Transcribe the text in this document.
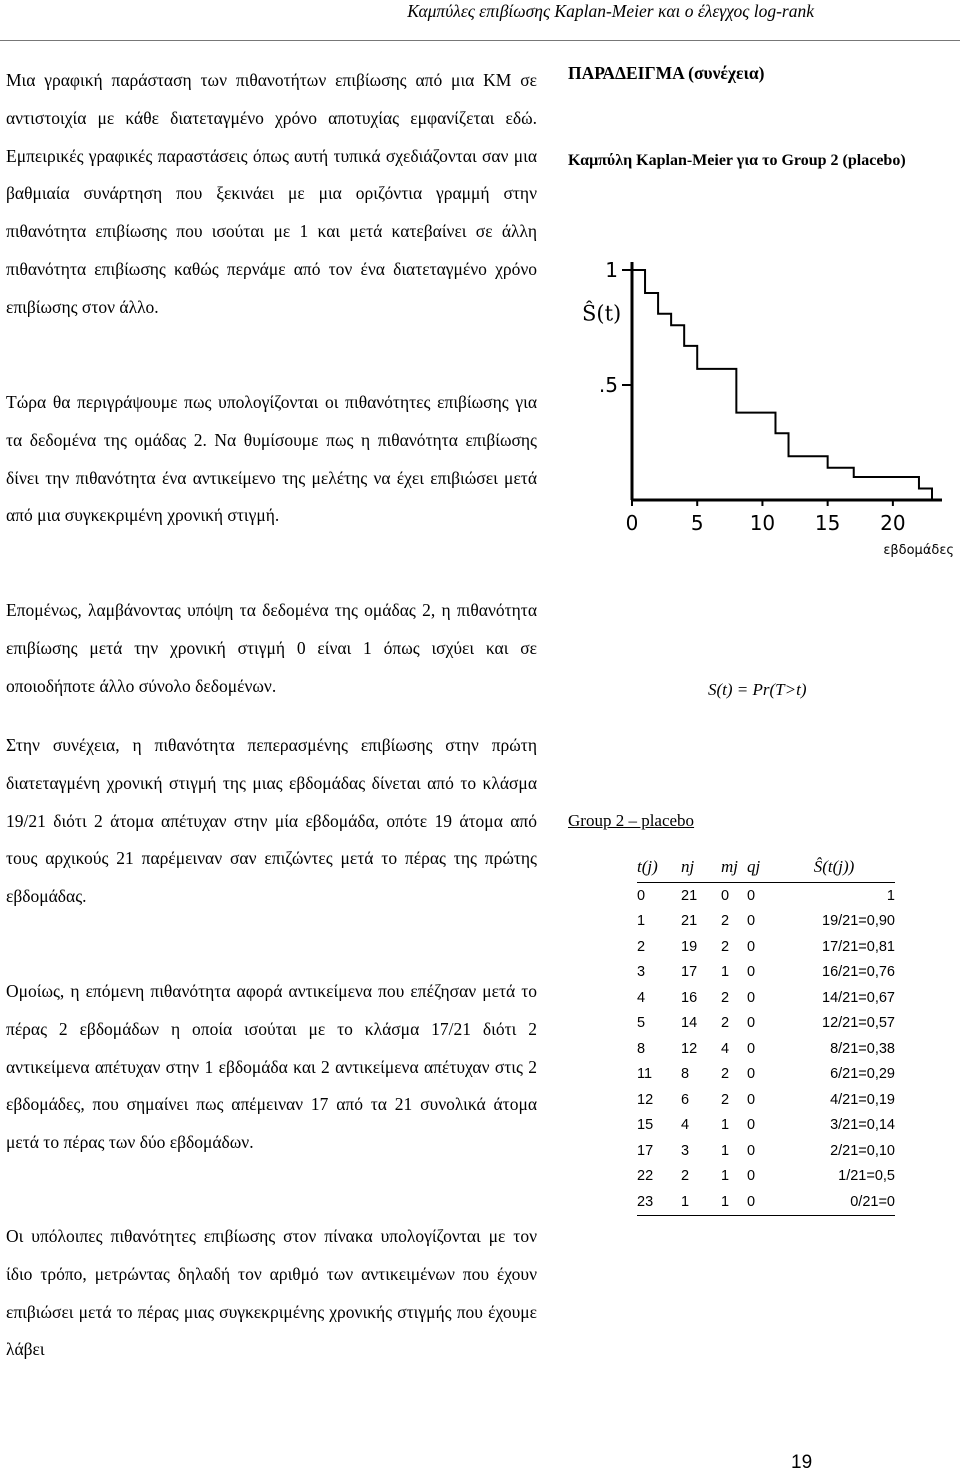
Καμπύλες επιβίωσης Kaplan-Meier και ο έλεγχος log-rank

Μια γραφική παράσταση των πιθανοτήτων επιβίωσης από μια ΚΜ σε αντιστοιχία με κάθε διατεταγμένο χρόνο αποτυχίας εμφανίζεται εδώ. Εμπειρικές γραφικές παραστάσεις όπως αυτή τυπικά σχεδιάζονται σαν μια βαθμιαία συνάρτηση που ξεκινάει με μια οριζόντια γραμμή στην πιθανότητα επιβίωσης που ισούται με 1 και μετά κατεβαίνει σε άλλη πιθανότητα επιβίωσης καθώς περνάμε από τον ένα διατεταγμένο χρόνο επιβίωσης στον άλλο.

Τώρα θα περιγράψουμε πως υπολογίζονται οι πιθανότητες επιβίωσης για τα δεδομένα της ομάδας 2. Να θυμίσουμε πως η πιθανότητα επιβίωσης δίνει την πιθανότητα ένα αντικείμενο της μελέτης να έχει επιβιώσει μετά από μια συγκεκριμένη χρονική στιγμή.

Επομένως, λαμβάνοντας υπόψη τα δεδομένα της ομάδας 2, η πιθανότητα επιβίωσης μετά την χρονική στιγμή 0 είναι 1 όπως ισχύει και σε οποιοδήποτε άλλο σύνολο δεδομένων.

Στην συνέχεια, η πιθανότητα πεπερασμένης επιβίωσης στην πρώτη διατεταγμένη χρονική στιγμή της μιας εβδομάδας δίνεται από το κλάσμα 19/21 διότι 2 άτομα απέτυχαν στην μία εβδομάδα, οπότε 19 άτομα από τους αρχικούς 21 παρέμειναν σαν επιζώντες μετά το πέρας της πρώτης εβδομάδας.

Ομοίως, η επόμενη πιθανότητα αφορά αντικείμενα που επέζησαν μετά το πέρας 2 εβδομάδων η οποία ισούται με το κλάσμα 17/21 διότι 2 αντικείμενα απέτυχαν στην 1 εβδομάδα και 2 αντικείμενα απέτυχαν στις 2 εβδομάδες, που σημαίνει πως απέμειναν 17 από τα 21 συνολικά άτομα μετά το πέρας των δύο εβδομάδων.

Οι υπόλοιπες πιθανότητες επιβίωσης στον πίνακα υπολογίζονται με τον ίδιο τρόπο, μετρώντας δηλαδή τον αριθμό των αντικειμένων που έχουν επιβιώσει μετά το πέρας μιας συγκεκριμένης χρονικής στιγμής που έχουμε λάβει

ΠΑΡΑΔΕΙΓΜΑ (συνέχεια)
Καμπύλη Kaplan-Meier για το Group 2 (placebo)
1
.5
0	5 10 15 20
Ŝ(t)
εβδομάδες
S(t) = Pr(T>t)
Group 2 – placebo
t(j)	nj	mj	qj	Ŝ(t(j))
0	21	0	0	1
1	21	2	0	19/21=0,90
2	19	2	0	17/21=0,81
3	17	1	0	16/21=0,76
4	16	2	0	14/21=0,67
5	14	2	0	12/21=0,57
8	12	4	0	8/21=0,38
11	8	2	0	6/21=0,29
12	6	2	0	4/21=0,19
15	4	1	0	3/21=0,14
17	3	1	0	2/21=0,10
22	2	1	0	1/21=0,5
23	1	1	0	0/21=0
19
